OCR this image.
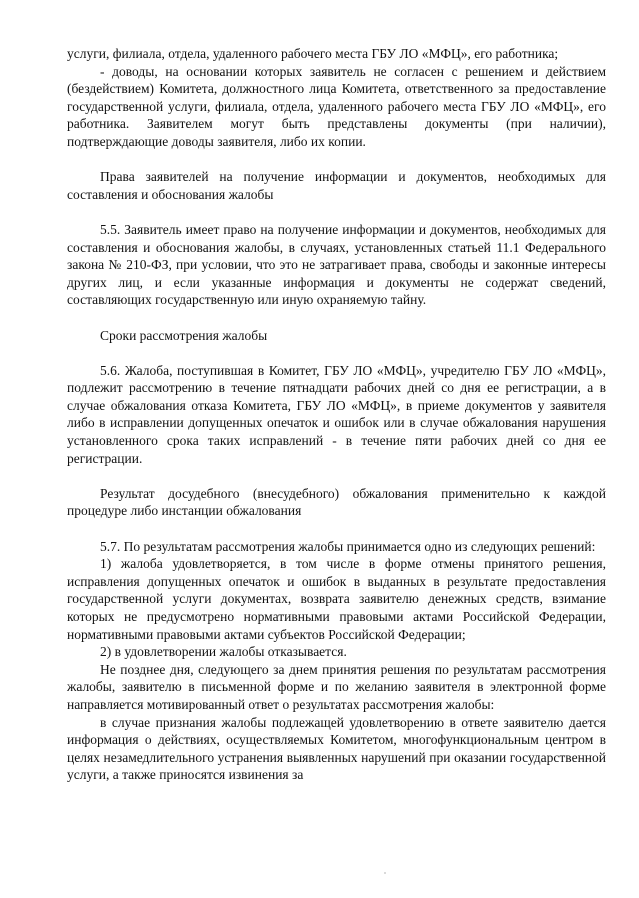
услуги, филиала, отдела, удаленного рабочего места ГБУ ЛО «МФЦ», его работника;

- доводы, на основании которых заявитель не согласен с решением и действием (бездействием) Комитета, должностного лица Комитета, ответственного за предоставление государственной услуги, филиала, отдела, удаленного рабочего места ГБУ ЛО «МФЦ», его работника. Заявителем могут быть представлены документы (при наличии), подтверждающие доводы заявителя, либо их копии.

Права заявителей на получение информации и документов, необходимых для составления и обоснования жалобы

5.5. Заявитель имеет право на получение информации и документов, необходимых для составления и обоснования жалобы, в случаях, установленных статьей 11.1 Федерального закона № 210-ФЗ, при условии, что это не затрагивает права, свободы и законные интересы других лиц, и если указанные информация и документы не содержат сведений, составляющих государственную или иную охраняемую тайну.

Сроки рассмотрения жалобы

5.6. Жалоба, поступившая в Комитет, ГБУ ЛО «МФЦ», учредителю ГБУ ЛО «МФЦ», подлежит рассмотрению в течение пятнадцати рабочих дней со дня ее регистрации, а в случае обжалования отказа Комитета, ГБУ ЛО «МФЦ», в приеме документов у заявителя либо в исправлении допущенных опечаток и ошибок или в случае обжалования нарушения установленного срока таких исправлений - в течение пяти рабочих дней со дня ее регистрации.

Результат досудебного (внесудебного) обжалования применительно к каждой процедуре либо инстанции обжалования

5.7. По результатам рассмотрения жалобы принимается одно из следующих решений:

1) жалоба удовлетворяется, в том числе в форме отмены принятого решения, исправления допущенных опечаток и ошибок в выданных в результате предоставления государственной услуги документах, возврата заявителю денежных средств, взимание которых не предусмотрено нормативными правовыми актами Российской Федерации, нормативными правовыми актами субъектов Российской Федерации;

2) в удовлетворении жалобы отказывается.

Не позднее дня, следующего за днем принятия решения по результатам рассмотрения жалобы, заявителю в письменной форме и по желанию заявителя в электронной форме направляется мотивированный ответ о результатах рассмотрения жалобы:

в случае признания жалобы подлежащей удовлетворению в ответе заявителю дается информация о действиях, осуществляемых Комитетом, многофункциональным центром в целях незамедлительного устранения выявленных нарушений при оказании государственной услуги, а также приносятся извинения за
